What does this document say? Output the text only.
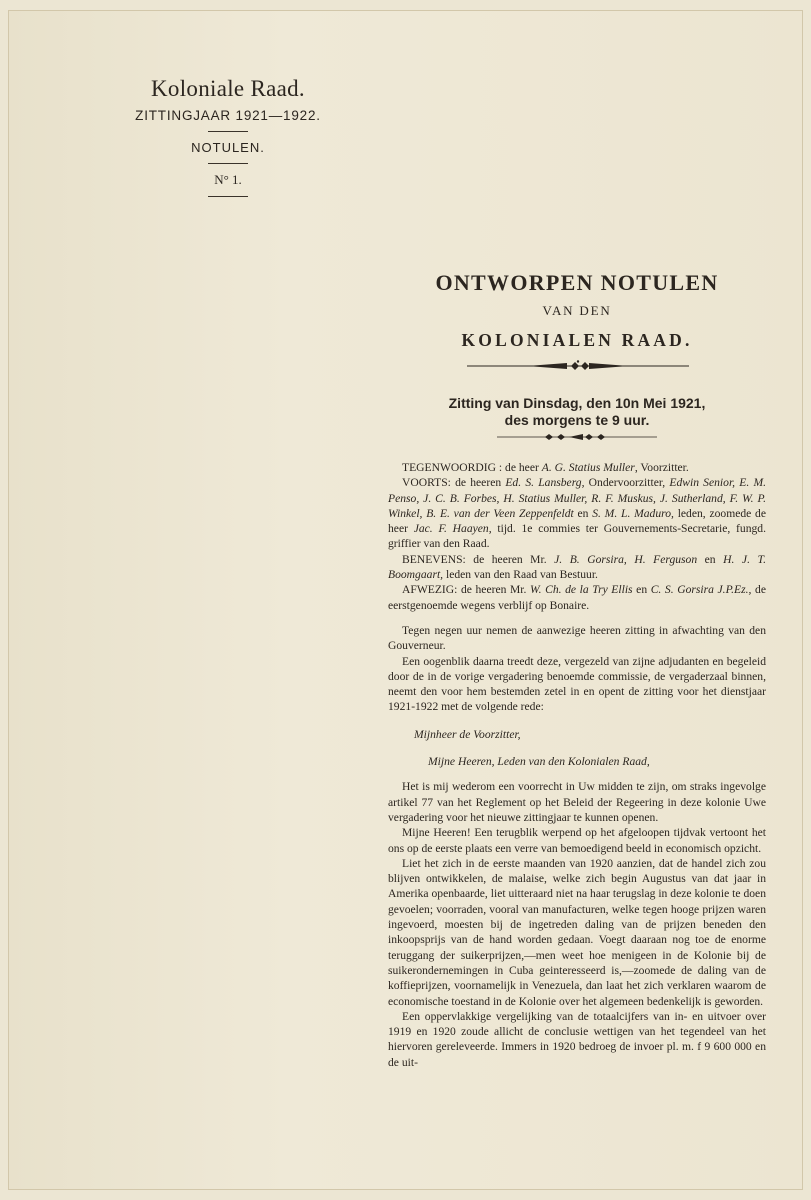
Koloniale Raad.
ZITTINGJAAR 1921—1922.
NOTULEN.
N° 1.
ONTWORPEN NOTULEN
VAN DEN
KOLONIALEN RAAD.
Zitting van Dinsdag, den 10n Mei 1921,
des morgens te 9 uur.

TEGENWOORDIG : de heer A. G. Statius Muller, Voorzitter.

VOORTS: de heeren Ed. S. Lansberg, Ondervoorzitter, Edwin Senior, E. M. Penso, J. C. B. Forbes, H. Statius Muller, R. F. Muskus, J. Sutherland, F. W. P. Winkel, B. E. van der Veen Zeppenfeldt en S. M. L. Maduro, leden, zoomede de heer Jac. F. Haayen, tijd. 1e commies ter Gouvernements-Secretarie, fungd. griffier van den Raad.

BENEVENS: de heeren Mr. J. B. Gorsira, H. Ferguson en H. J. T. Boomgaart, leden van den Raad van Bestuur.

AFWEZIG: de heeren Mr. W. Ch. de la Try Ellis en C. S. Gorsira J.P.Ez., de eerstgenoemde wegens verblijf op Bonaire.

Tegen negen uur nemen de aanwezige heeren zitting in afwachting van den Gouverneur.

Een oogenblik daarna treedt deze, vergezeld van zijne adjudanten en begeleid door de in de vorige vergadering benoemde commissie, de vergaderzaal binnen, neemt den voor hem bestemden zetel in en opent de zitting voor het dienstjaar 1921-1922 met de volgende rede:

Mijnheer de Voorzitter,

Mijne Heeren, Leden van den Kolonialen Raad,

Het is mij wederom een voorrecht in Uw midden te zijn, om straks ingevolge artikel 77 van het Reglement op het Beleid der Regeering in deze kolonie Uwe vergadering voor het nieuwe zittingjaar te kunnen openen.

Mijne Heeren! Een terugblik werpend op het afgeloopen tijdvak vertoont het ons op de eerste plaats een verre van bemoedigend beeld in economisch opzicht.

Liet het zich in de eerste maanden van 1920 aanzien, dat de handel zich zou blijven ontwikkelen, de malaise, welke zich begin Augustus van dat jaar in Amerika openbaarde, liet uitteraard niet na haar terugslag in deze kolonie te doen gevoelen; voorraden, vooral van manufacturen, welke tegen hooge prijzen waren ingevoerd, moesten bij de ingetreden daling van de prijzen beneden den inkoopsprijs van de hand worden gedaan. Voegt daaraan nog toe de enorme teruggang der suikerprijzen,—men weet hoe menigeen in de Kolonie bij de suikerondernemingen in Cuba geinteresseerd is,—zoomede de daling van de koffieprijzen, voornamelijk in Venezuela, dan laat het zich verklaren waarom de economische toestand in de Kolonie over het algemeen bedenkelijk is geworden.

Een oppervlakkige vergelijking van de totaalcijfers van in- en uitvoer over 1919 en 1920 zoude allicht de conclusie wettigen van het tegendeel van het hiervoren gereleveerde. Immers in 1920 bedroeg de invoer pl. m. f 9 600 000 en de uit-
